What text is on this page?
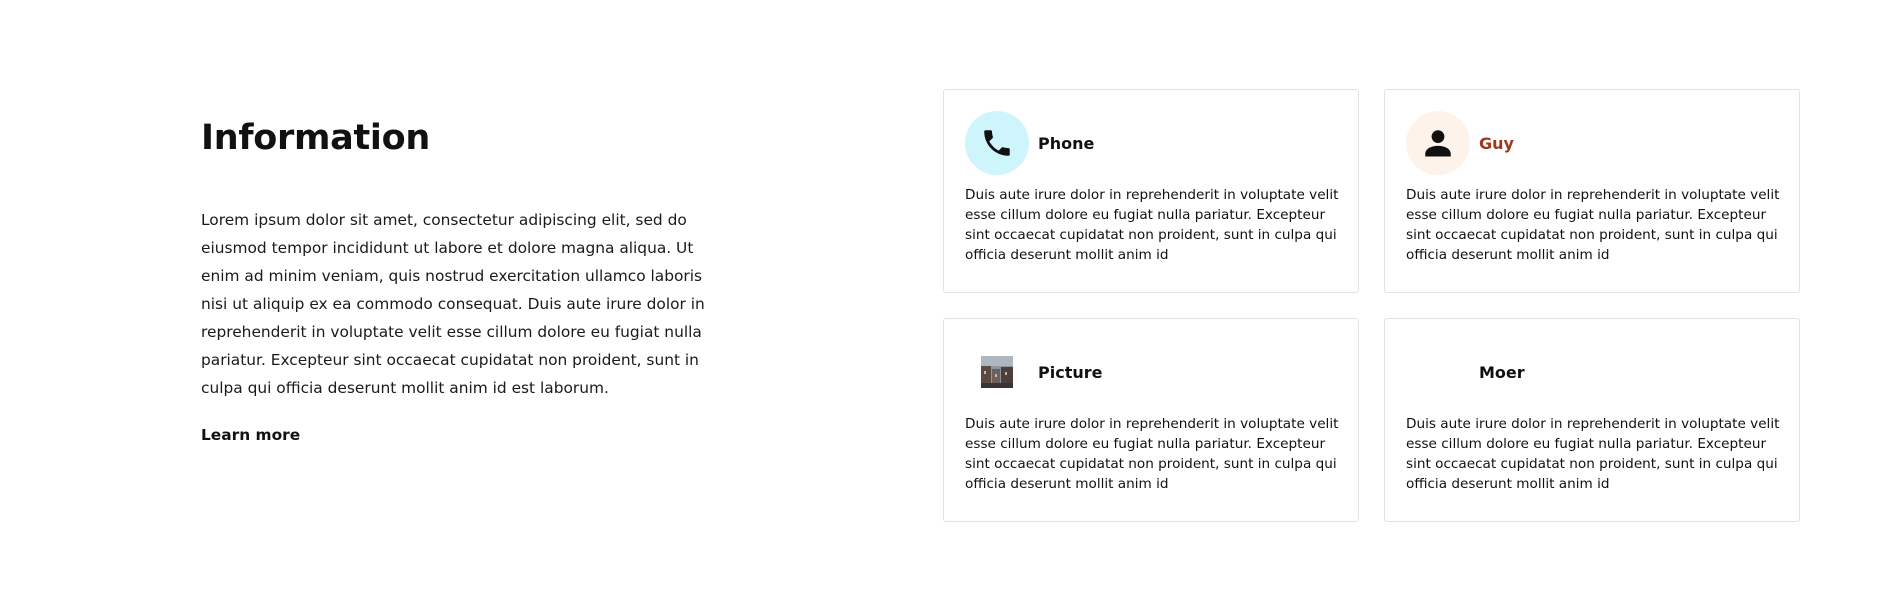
Information

Lorem ipsum dolor sit amet, consectetur adipiscing elit, sed do eiusmod tempor incididunt ut labore et dolore magna aliqua. Ut enim ad minim veniam, quis nostrud exercitation ullamco laboris nisi ut aliquip ex ea commodo consequat. Duis aute irure dolor in reprehenderit in voluptate velit esse cillum dolore eu fugiat nulla pariatur. Excepteur sint occaecat cupidatat non proident, sunt in culpa qui officia deserunt mollit anim id est laborum.

Learn more
Phone
Duis aute irure dolor in reprehenderit in voluptate velit esse cillum dolore eu fugiat nulla pariatur. Excepteur sint occaecat cupidatat non proident, sunt in culpa qui officia deserunt mollit anim id
Guy
Duis aute irure dolor in reprehenderit in voluptate velit esse cillum dolore eu fugiat nulla pariatur. Excepteur sint occaecat cupidatat non proident, sunt in culpa qui officia deserunt mollit anim id
Picture
Duis aute irure dolor in reprehenderit in voluptate velit esse cillum dolore eu fugiat nulla pariatur. Excepteur sint occaecat cupidatat non proident, sunt in culpa qui officia deserunt mollit anim id
Moer
Duis aute irure dolor in reprehenderit in voluptate velit esse cillum dolore eu fugiat nulla pariatur. Excepteur sint occaecat cupidatat non proident, sunt in culpa qui officia deserunt mollit anim id
